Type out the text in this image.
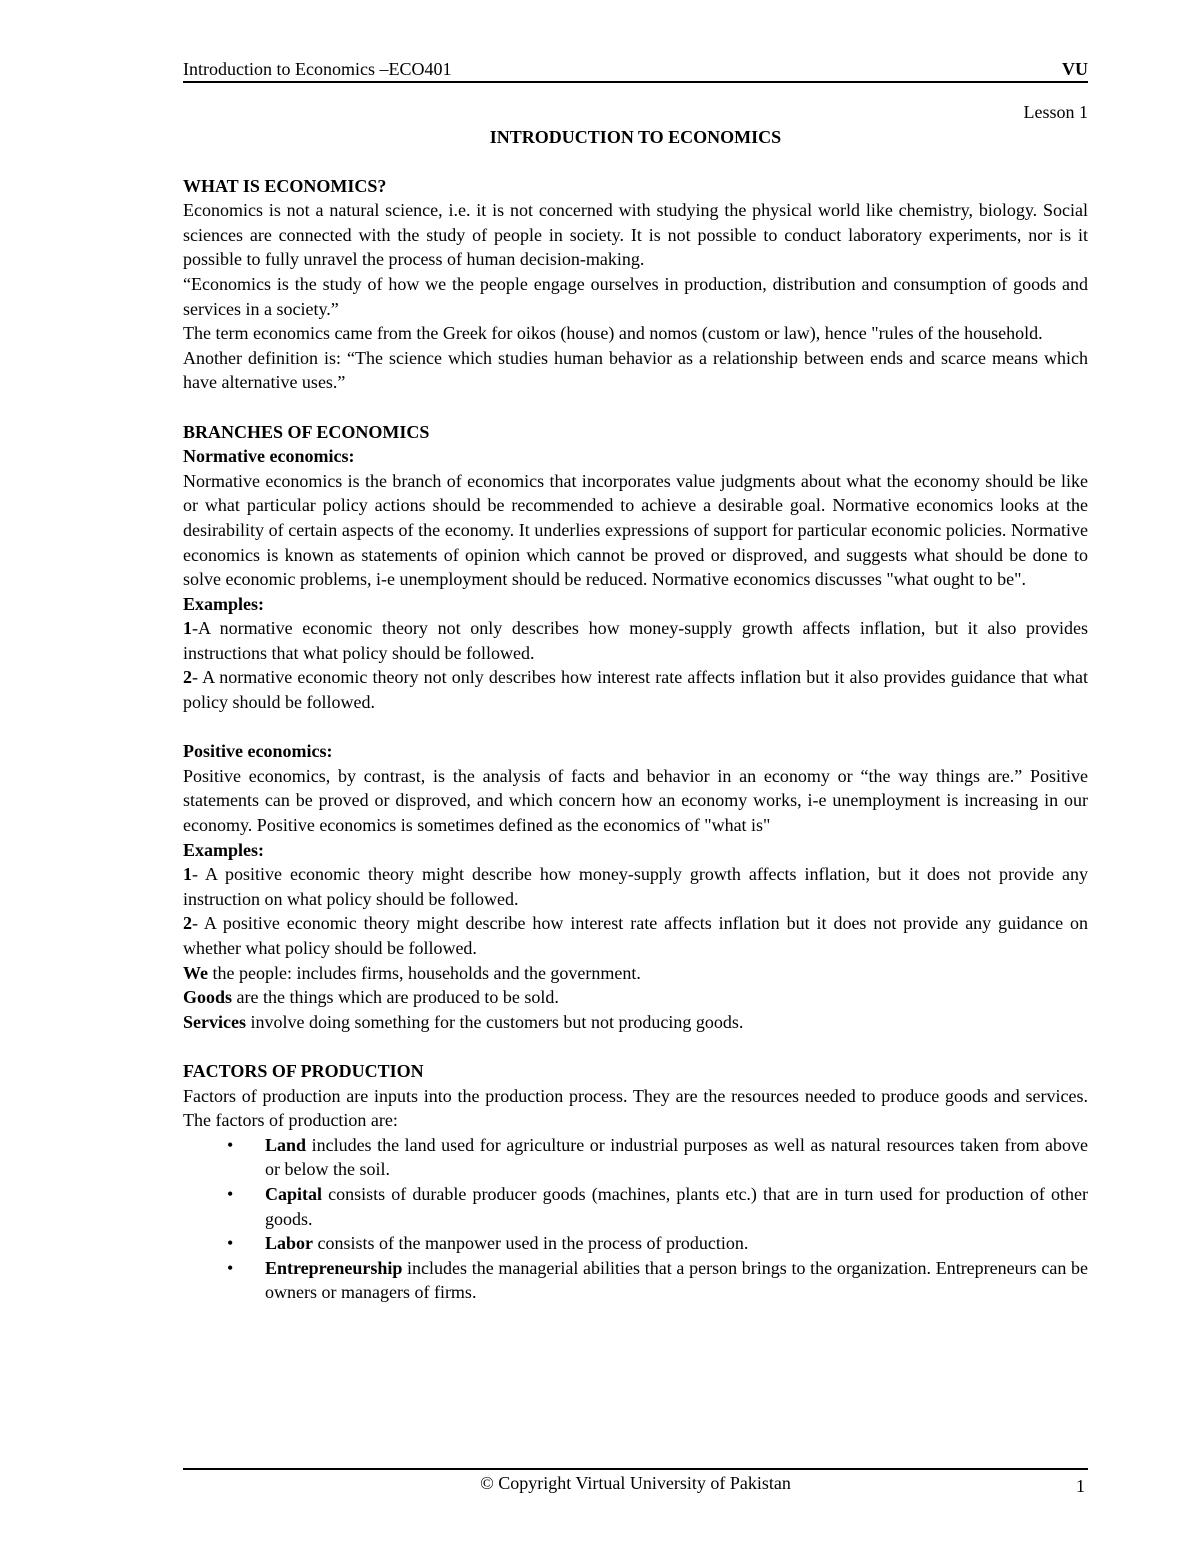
Introduction to Economics –ECO401	VU
Lesson 1
INTRODUCTION TO ECONOMICS

WHAT IS ECONOMICS?

Economics is not a natural science, i.e. it is not concerned with studying the physical world like chemistry, biology. Social sciences are connected with the study of people in society. It is not possible to conduct laboratory experiments, nor is it possible to fully unravel the process of human decision-making.

“Economics is the study of how we the people engage ourselves in production, distribution and consumption of goods and services in a society.”

The term economics came from the Greek for oikos (house) and nomos (custom or law), hence "rules of the household.

Another definition is: “The science which studies human behavior as a relationship between ends and scarce means which have alternative uses.”

BRANCHES OF ECONOMICS

Normative economics:

Normative economics is the branch of economics that incorporates value judgments about what the economy should be like or what particular policy actions should be recommended to achieve a desirable goal. Normative economics looks at the desirability of certain aspects of the economy. It underlies expressions of support for particular economic policies. Normative economics is known as statements of opinion which cannot be proved or disproved, and suggests what should be done to solve economic problems, i-e unemployment should be reduced. Normative economics discusses "what ought to be".

Examples:

1-A normative economic theory not only describes how money-supply growth affects inflation, but it also provides instructions that what policy should be followed.

2- A normative economic theory not only describes how interest rate affects inflation but it also provides guidance that what policy should be followed.

Positive economics:

Positive economics, by contrast, is the analysis of facts and behavior in an economy or “the way things are.” Positive statements can be proved or disproved, and which concern how an economy works, i-e unemployment is increasing in our economy. Positive economics is sometimes defined as the economics of "what is"

Examples:

1- A positive economic theory might describe how money-supply growth affects inflation, but it does not provide any instruction on what policy should be followed.

2- A positive economic theory might describe how interest rate affects inflation but it does not provide any guidance on whether what policy should be followed.

We the people: includes firms, households and the government.

Goods are the things which are produced to be sold.

Services involve doing something for the customers but not producing goods.

FACTORS OF PRODUCTION

Factors of production are inputs into the production process. They are the resources needed to produce goods and services. The factors of production are:

• Land includes the land used for agriculture or industrial purposes as well as natural resources taken from above or below the soil.
• Capital consists of durable producer goods (machines, plants etc.) that are in turn used for production of other goods.
• Labor consists of the manpower used in the process of production.
• Entrepreneurship includes the managerial abilities that a person brings to the organization. Entrepreneurs can be owners or managers of firms.
© Copyright Virtual University of Pakistan	1
